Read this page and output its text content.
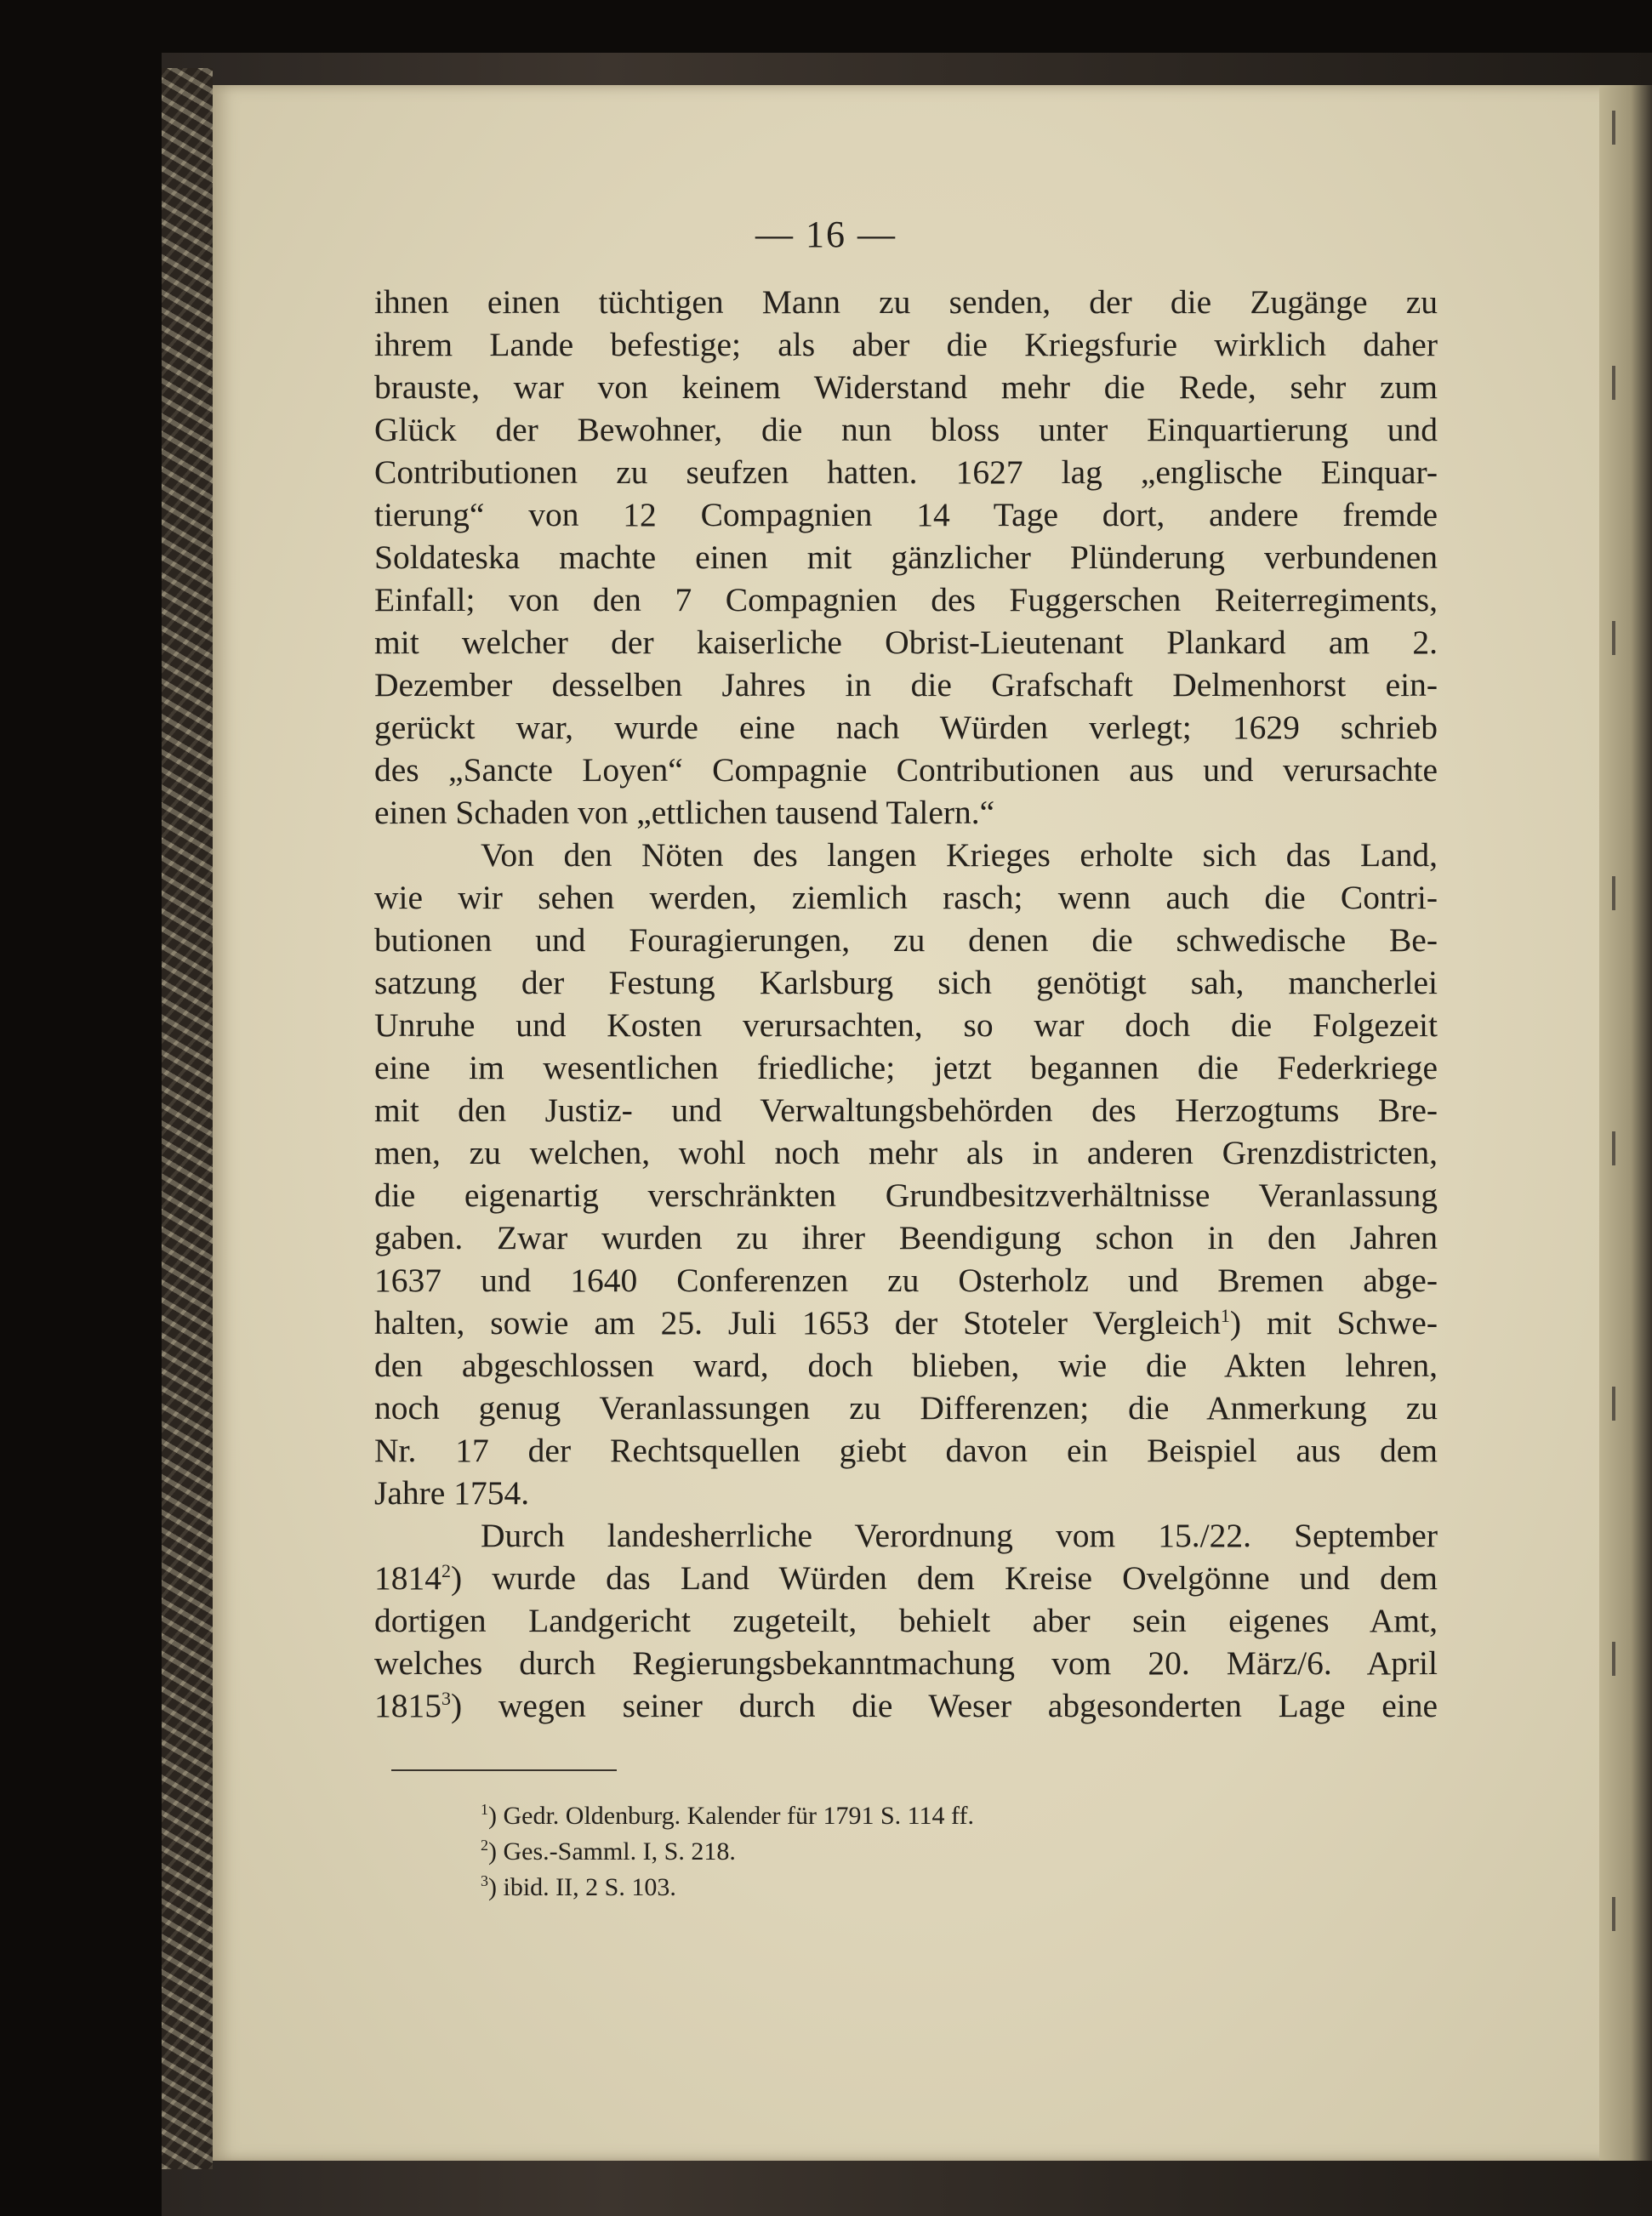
— 16 —
ihnen einen tüchtigen Mann zu senden, der die Zugänge zu
ihrem Lande befestige; als aber die Kriegsfurie wirklich daher
brauste, war von keinem Widerstand mehr die Rede, sehr zum
Glück der Bewohner, die nun bloss unter Einquartierung und
Contributionen zu seufzen hatten. 1627 lag „englische Einquar-
tierung“ von 12 Compagnien 14 Tage dort, andere fremde
Soldateska machte einen mit gänzlicher Plünderung verbundenen
Einfall; von den 7 Compagnien des Fuggerschen Reiterregiments,
mit welcher der kaiserliche Obrist-Lieutenant Plankard am 2.
Dezember desselben Jahres in die Grafschaft Delmenhorst ein-
gerückt war, wurde eine nach Würden verlegt; 1629 schrieb
des „Sancte Loyen“ Compagnie Contributionen aus und verursachte
einen Schaden von „ettlichen tausend Talern.“
Von den Nöten des langen Krieges erholte sich das Land,
wie wir sehen werden, ziemlich rasch; wenn auch die Contri-
butionen und Fouragierungen, zu denen die schwedische Be-
satzung der Festung Karlsburg sich genötigt sah, mancherlei
Unruhe und Kosten verursachten, so war doch die Folgezeit
eine im wesentlichen friedliche; jetzt begannen die Federkriege
mit den Justiz- und Verwaltungsbehörden des Herzogtums Bre-
men, zu welchen, wohl noch mehr als in anderen Grenzdistricten,
die eigenartig verschränkten Grundbesitzverhältnisse Veranlassung
gaben. Zwar wurden zu ihrer Beendigung schon in den Jahren
1637 und 1640 Conferenzen zu Osterholz und Bremen abge-
halten, sowie am 25. Juli 1653 der Stoteler Vergleich$^1$) mit Schwe-
den abgeschlossen ward, doch blieben, wie die Akten lehren,
noch genug Veranlassungen zu Differenzen; die Anmerkung zu
Nr. 17 der Rechtsquellen giebt davon ein Beispiel aus dem
Jahre 1754.
Durch landesherrliche Verordnung vom 15./22. September
1814$^2$) wurde das Land Würden dem Kreise Ovelgönne und dem
dortigen Landgericht zugeteilt, behielt aber sein eigenes Amt,
welches durch Regierungsbekanntmachung vom 20. März/6. April
1815$^3$) wegen seiner durch die Weser abgesonderten Lage eine
$^1$) Gedr. Oldenburg. Kalender für 1791 S. 114 ff.
$^2$) Ges.-Samml. I, S. 218.
$^3$) ibid. II, 2 S. 103.
